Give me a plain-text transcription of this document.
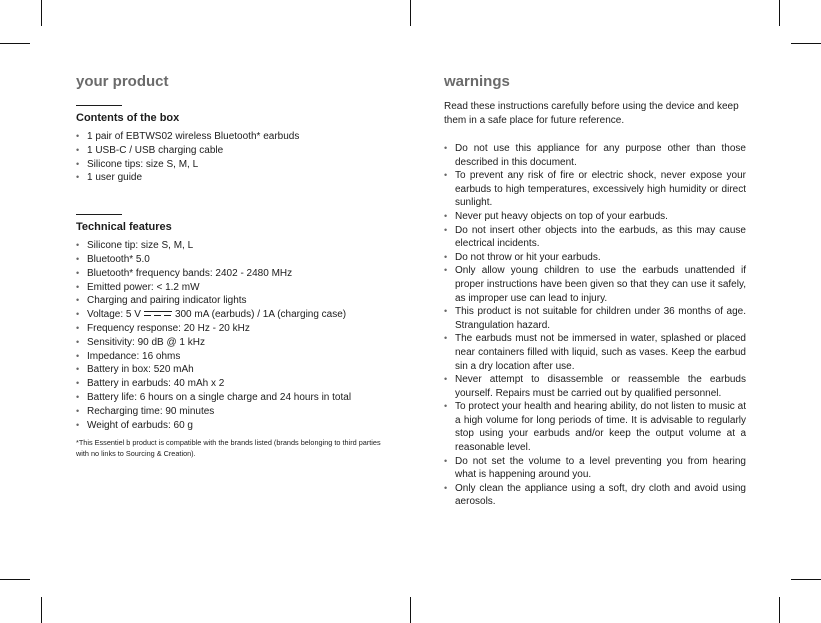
your product
Contents of the box
• 1 pair of EBTWS02 wireless Bluetooth* earbuds
• 1 USB-C / USB charging cable
• Silicone tips: size S, M, L
• 1 user guide
Technical features
• Silicone tip: size S, M, L
• Bluetooth* 5.0
• Bluetooth* frequency bands: 2402 - 2480 MHz
• Emitted power: < 1.2 mW
• Charging and pairing indicator lights
• Voltage: 5 V	300 mA (earbuds) / 1A (charging case)
• Frequency response: 20 Hz - 20 kHz
• Sensitivity: 90 dB @ 1 kHz
• Impedance: 16 ohms
• Battery in box: 520 mAh
• Battery in earbuds: 40 mAh x 2
• Battery life: 6 hours on a single charge and 24 hours in total
• Recharging time: 90 minutes
• Weight of earbuds: 60 g

*This Essentiel b product is compatible with the brands listed (brands belonging to third parties with no links to Sourcing & Creation).

warnings

Read these instructions carefully before using the device and keep them in a safe place for future reference.

• Do not use this appliance for any purpose other than those described in this document.
• To prevent any risk of fire or electric shock, never expose your earbuds to high temperatures, excessively high humidity or direct sunlight.
• Never put heavy objects on top of your earbuds.
• Do not insert other objects into the earbuds, as this may cause electrical incidents.
• Do not throw or hit your earbuds.
• Only allow young children to use the earbuds unattended if proper instructions have been given so that they can use it safely, as improper use can lead to injury.
• This product is not suitable for children under 36 months of age. Strangulation hazard.
• The earbuds must not be immersed in water, splashed or placed near containers filled with liquid, such as vases. Keep the earbud sin a dry location after use.
• Never attempt to disassemble or reassemble the earbuds yourself. Repairs must be carried out by qualified personnel.
• To protect your health and hearing ability, do not listen to music at a high volume for long periods of time. It is advisable to regularly stop using your earbuds and/or keep the output volume at a reasonable level.
• Do not set the volume to a level preventing you from hearing what is happening around you.
• Only clean the appliance using a soft, dry cloth and avoid using aerosols.
